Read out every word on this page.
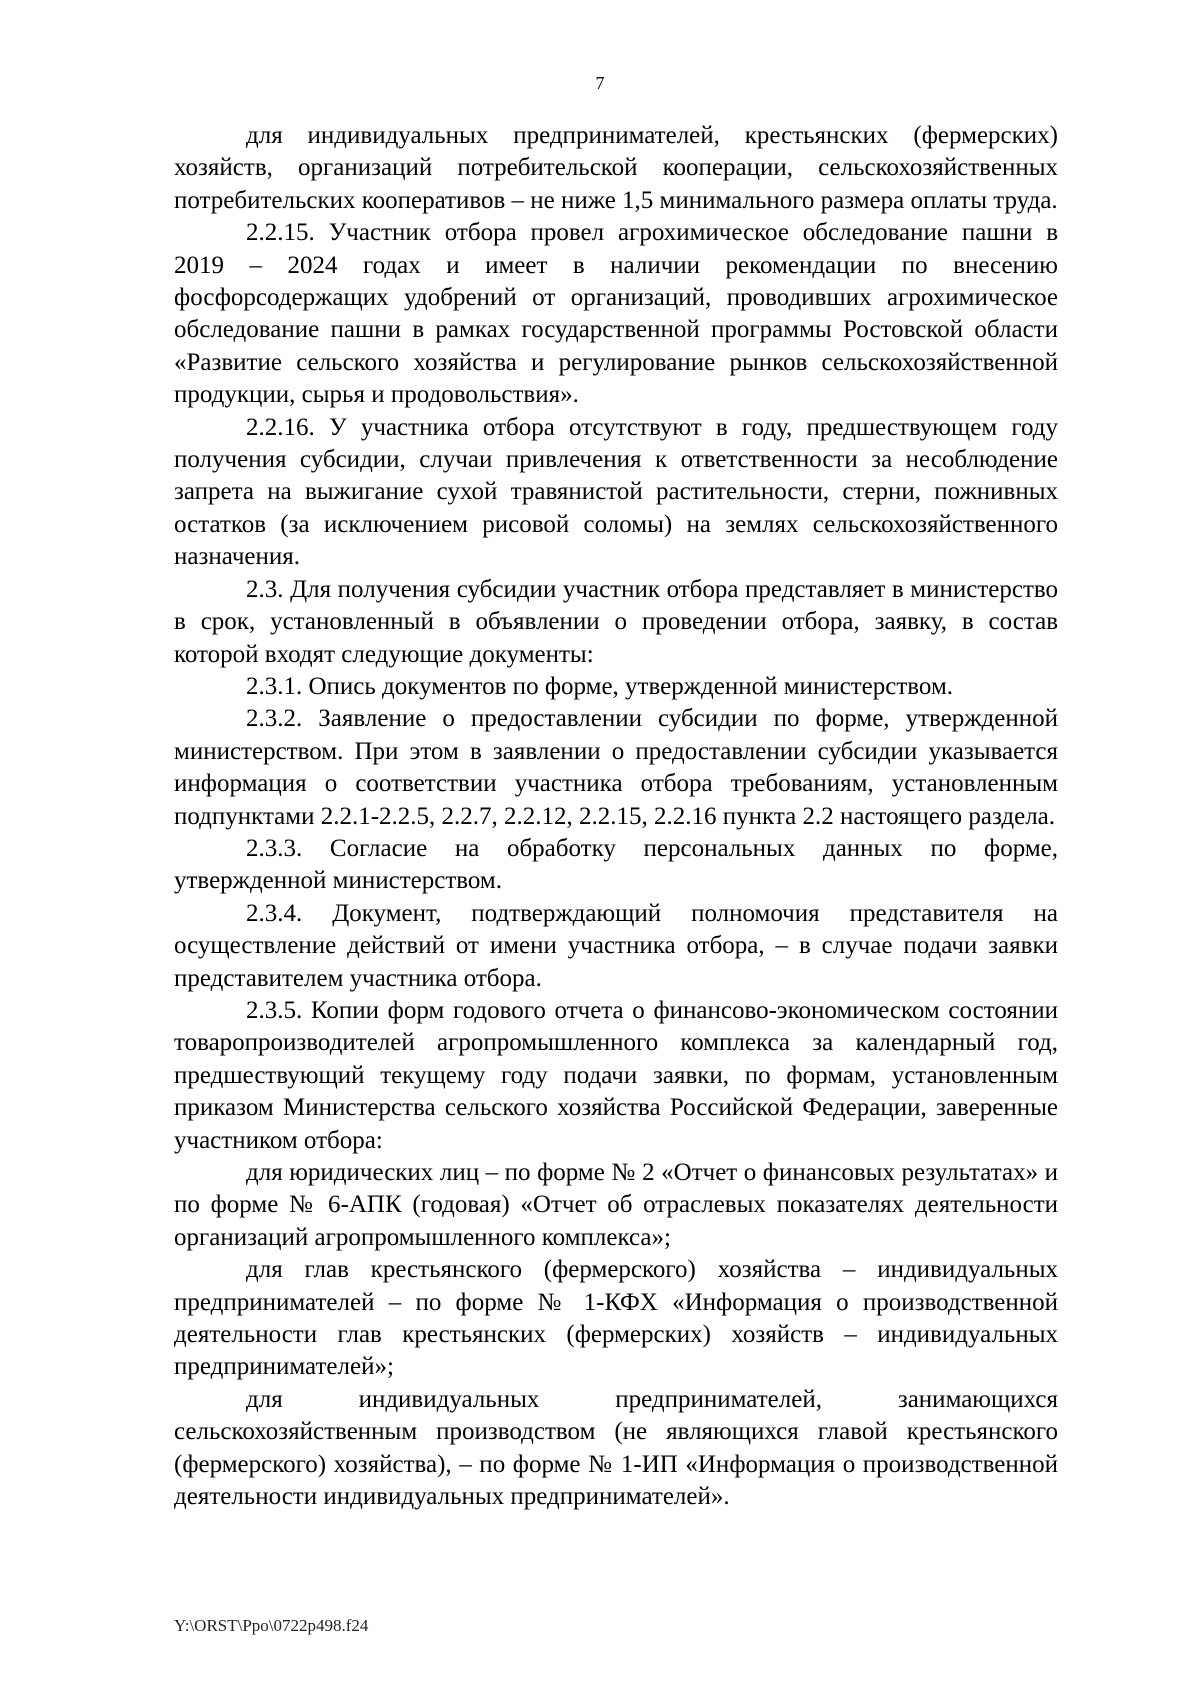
7

для индивидуальных предпринимателей, крестьянских (фермерских) хозяйств, организаций потребительской кооперации, сельскохозяйственных потребительских кооперативов – не ниже 1,5 минимального размера оплаты труда.

2.2.15. Участник отбора провел агрохимическое обследование пашни в 2019 – 2024 годах и имеет в наличии рекомендации по внесению фосфорсодержащих удобрений от организаций, проводивших агрохимическое обследование пашни в рамках государственной программы Ростовской области «Развитие сельского хозяйства и регулирование рынков сельскохозяйственной продукции, сырья и продовольствия».

2.2.16. У участника отбора отсутствуют в году, предшествующем году получения субсидии, случаи привлечения к ответственности за несоблюдение запрета на выжигание сухой травянистой растительности, стерни, пожнивных остатков (за исключением рисовой соломы) на землях сельскохозяйственного назначения.

2.3. Для получения субсидии участник отбора представляет в министерство в срок, установленный в объявлении о проведении отбора, заявку, в состав которой входят следующие документы:

2.3.1. Опись документов по форме, утвержденной министерством.

2.3.2. Заявление о предоставлении субсидии по форме, утвержденной министерством. При этом в заявлении о предоставлении субсидии указывается информация о соответствии участника отбора требованиям, установленным подпунктами 2.2.1-2.2.5, 2.2.7, 2.2.12, 2.2.15, 2.2.16 пункта 2.2 настоящего раздела.

2.3.3. Согласие на обработку персональных данных по форме, утвержденной министерством.

2.3.4. Документ, подтверждающий полномочия представителя на осуществление действий от имени участника отбора, – в случае подачи заявки представителем участника отбора.

2.3.5. Копии форм годового отчета о финансово-экономическом состоянии товаропроизводителей агропромышленного комплекса за календарный год, предшествующий текущему году подачи заявки, по формам, установленным приказом Министерства сельского хозяйства Российской Федерации, заверенные участником отбора:

для юридических лиц – по форме № 2 «Отчет о финансовых результатах» и по форме № 6-АПК (годовая) «Отчет об отраслевых показателях деятельности организаций агропромышленного комплекса»;

для глав крестьянского (фермерского) хозяйства – индивидуальных предпринимателей – по форме № 1-КФХ «Информация о производственной деятельности глав крестьянских (фермерских) хозяйств – индивидуальных предпринимателей»;

для индивидуальных предпринимателей, занимающихся сельскохозяйственным производством (не являющихся главой крестьянского (фермерского) хозяйства), – по форме № 1-ИП «Информация о производственной деятельности индивидуальных предпринимателей».

Y:\ORST\Ppo\0722p498.f24
